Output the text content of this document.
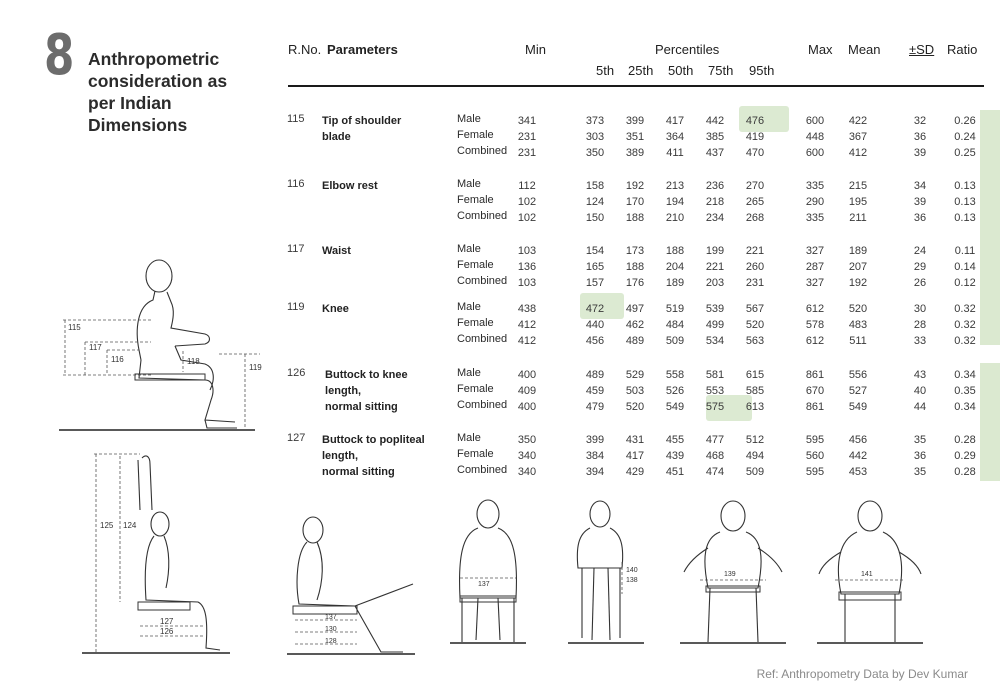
8 Anthropometric consideration as per Indian Dimensions
R.No. Parameters	Min	Percentiles
5th 25th 50th 75th 95th
Max Mean ±SD Ratio
115 Tip of shoulder
blade
Male	341	373	399	417	442	476	600	422	32	0.26
Female	231	303	351	364	385	419	448	367	36	0.24
Combined 231	350	389	411	437	470	600	412	39	0.25
116 Elbow rest	Male	112	158	192	213	236	270	335	215	34	0.13
Female	102	124	170	194	218	265	290	195	39	0.13
Combined 102	150	188	210	234	268	335	211	36	0.13
117 Waist	Male	103	154	173	188	199	221	327	189	24	0.11
Female	136	165	188	204	221	260	287	207	29	0.14
Combined 103	157	176	189	203	231	327	192	26	0.12
119 Knee	Male	438	472	497	519	539	567	612	520	30	0.32
Female	412	440	462	484	499	520	578	483	28	0.32
Combined 412	456	489	509	534	563	612	511	33	0.32
126 Buttock to knee
length,
normal sitting
Male	400	489	529	558	581	615	861	556	43	0.34
Female	409	459	503	526	553	585	670	527	40	0.35
Combined 400	479	520	549	575	613	861	549	44	0.34
127 Buttock to popliteal
length,
normal sitting
Male	350	399	431	455	477	512	595	456	35	0.28
Female	340	384	417	439	468	494	560	442	36	0.29
Combined 340	394	429	451	474	509	595	453	35	0.28
Ref: Anthropometry Data by Dev Kumar
115
117
116	118
119
125 124
127
126
137
130
128
137
140
138
139	141
